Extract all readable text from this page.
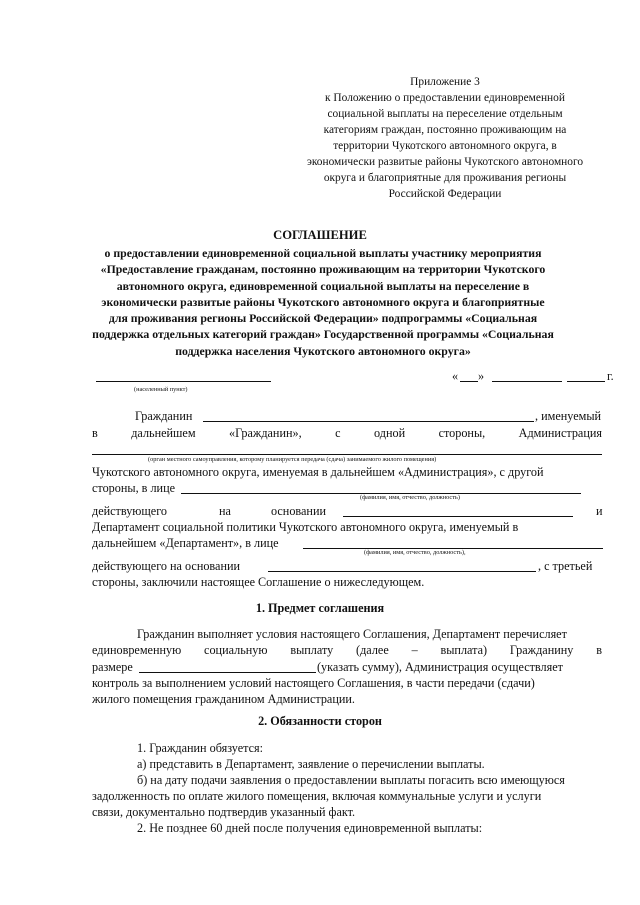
Приложение 3
к Положению о предоставлении единовременной
социальной выплаты на переселение отдельным
категориям граждан, постоянно проживающим на
территории Чукотского автономного округа, в
экономически развитые районы Чукотского автономного
округа и благоприятные для проживания регионы
Российской Федерации
СОГЛАШЕНИЕ
о предоставлении единовременной социальной выплаты участнику мероприятия
«Предоставление гражданам, постоянно проживающим на территории Чукотского
автономного округа, единовременной социальной выплаты на переселение в
экономически развитые районы Чукотского автономного округа и благоприятные
для проживания регионы Российской Федерации» подпрограммы «Социальная
поддержка отдельных категорий граждан» Государственной программы «Социальная
поддержка населения Чукотского автономного округа»
(населенный пункт)
« »	г.
Гражданин	, именуемый
в	дальнейшем	«Гражданин»,	с	одной	стороны,	Администрация
(орган местного самоуправления, которому планируется передача (сдача) занимаемого жилого помещения)
Чукотского автономного округа, именуемая в дальнейшем «Администрация», с другой
стороны, в лице
(фамилия, имя, отчество, должность)
действующего	на	основании	и
Департамент социальной политики Чукотского автономного округа, именуемый в
дальнейшем «Департамент», в лице
(фамилия, имя, отчество, должность),
действующего на основании	, с третьей
стороны, заключили настоящее Соглашение о нижеследующем.
1. Предмет соглашения
Гражданин выполняет условия настоящего Соглашения, Департамент перечисляет
единовременную социальную выплату (далее – выплата) Гражданину в
размере	(указать сумму), Администрация осуществляет
контроль за выполнением условий настоящего Соглашения, в части передачи (сдачи)
жилого помещения гражданином Администрации.
2. Обязанности сторон
1. Гражданин обязуется:
а) представить в Департамент, заявление о перечислении выплаты.
б) на дату подачи заявления о предоставлении выплаты погасить всю имеющуюся
задолженность по оплате жилого помещения, включая коммунальные услуги и услуги
связи, документально подтвердив указанный факт.
2. Не позднее 60 дней после получения единовременной выплаты:
